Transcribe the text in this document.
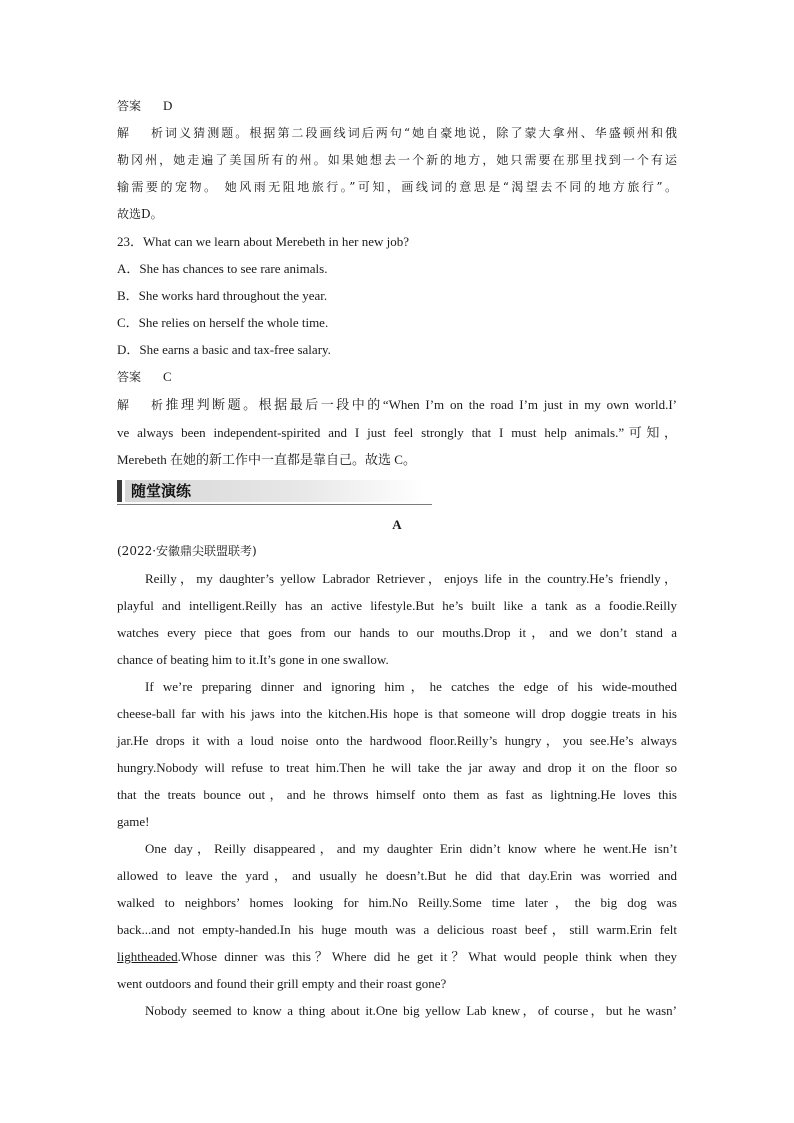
答案 D
解析词义猜测题。根据第二段画线词后两句“她自豪地说，除了蒙大拿州、华盛顿州和俄
勒冈州，她走遍了美国所有的州。如果她想去一个新的地方，她只需要在那里找到一个有运
输需要的宠物。 她风雨无阻地旅行。”可知，画线词的意思是“渴望去不同的地方旅行”。
故选D。
23．What can we learn about Merebeth in her new job?
A．She has chances to see rare animals.
B．She works hard throughout the year.
C．She relies on herself the whole time.
D．She earns a basic and tax-free salary.
答案 C
解析推理判断题。根据最后一段中的“When I’m on the road I’m just in my own world.I’
ve always been independent-spirited and I just feel strongly that I must help animals.”可知，
Merebeth 在她的新工作中一直都是靠自己。故选 C。
随堂演练
A
(2022·安徽鼎尖联盟联考)
Reilly，my daughter’s yellow Labrador Retriever，enjoys life in the country.He’s friendly，
playful and intelligent.Reilly has an active lifestyle.But he’s built like a tank as a foodie.Reilly
watches every piece that goes from our hands to our mouths.Drop it，and we don’t stand a
chance of beating him to it.It’s gone in one swallow.
If we’re preparing dinner and ignoring him，he catches the edge of his wide-mouthed
cheese-ball far with his jaws into the kitchen.His hope is that someone will drop doggie treats in his
jar.He drops it with a loud noise onto the hardwood floor.Reilly’s hungry，you see.He’s always
hungry.Nobody will refuse to treat him.Then he will take the jar away and drop it on the floor so
that the treats bounce out，and he throws himself onto them as fast as lightning.He loves this
game!
One day，Reilly disappeared，and my daughter Erin didn’t know where he went.He isn’t
allowed to leave the yard，and usually he doesn’t.But he did that day.Erin was worried and
walked to neighbors’ homes looking for him.No Reilly.Some time later，the big dog was
back...and not empty-handed.In his huge mouth was a delicious roast beef，still warm.Erin felt
lightheaded.Whose dinner was this？Where did he get it？What would people think when they
went outdoors and found their grill empty and their roast gone?
Nobody seemed to know a thing about it.One big yellow Lab knew，of course，but he wasn’
